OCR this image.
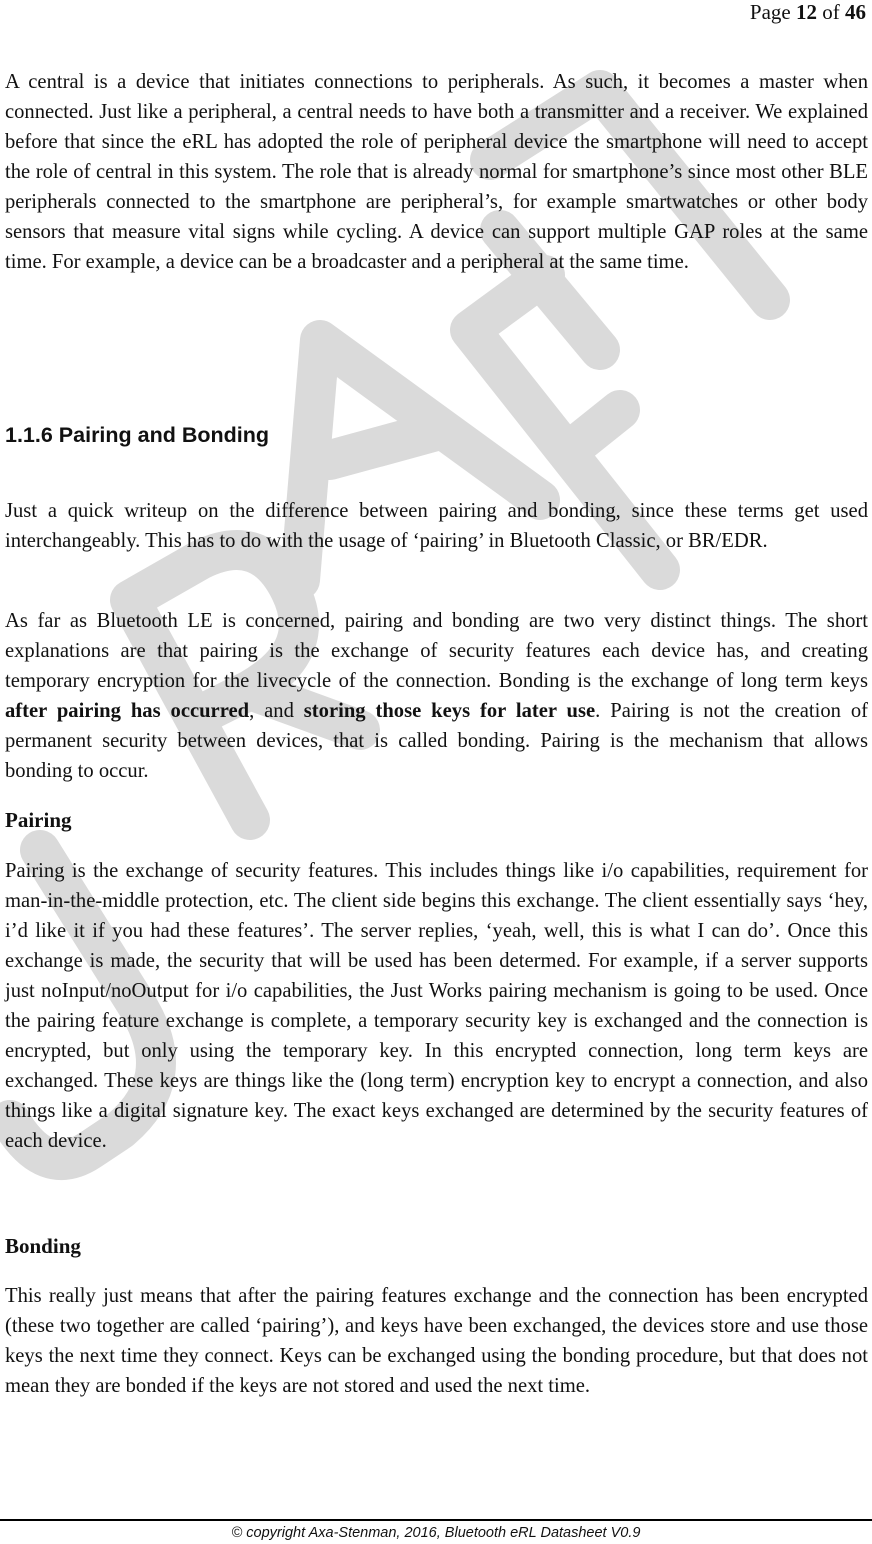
Page 12 of 46

A central is a device that initiates connections to peripherals. As such, it becomes a master when connected. Just like a peripheral, a central needs to have both a transmitter and a receiver. We explained before that since the eRL has adopted the role of peripheral device the smartphone will need to accept the role of central in this system. The role that is already normal for smartphone’s since most other BLE peripherals connected to the smartphone are peripheral’s, for example smartwatches or other body sensors that measure vital signs while cycling. A device can support multiple GAP roles at the same time. For example, a device can be a broadcaster and a peripheral at the same time.

1.1.6 Pairing and Bonding

Just a quick writeup on the difference between pairing and bonding, since these terms get used interchangeably. This has to do with the usage of ‘pairing’ in Bluetooth Classic, or BR/EDR.

As far as Bluetooth LE is concerned, pairing and bonding are two very distinct things. The short explanations are that pairing is the exchange of security features each device has, and creating temporary encryption for the livecycle of the connection. Bonding is the exchange of long term keys after pairing has occurred, and storing those keys for later use. Pairing is not the creation of permanent security between devices, that is called bonding. Pairing is the mechanism that allows bonding to occur.

Pairing

Pairing is the exchange of security features. This includes things like i/o capabilities, requirement for man-in-the-middle protection, etc. The client side begins this exchange. The client essentially says ‘hey, i’d like it if you had these features’. The server replies, ‘yeah, well, this is what I can do’. Once this exchange is made, the security that will be used has been determed. For example, if a server supports just noInput/noOutput for i/o capabilities, the Just Works pairing mechanism is going to be used. Once the pairing feature exchange is complete, a temporary security key is exchanged and the connection is encrypted, but only using the temporary key. In this encrypted connection, long term keys are exchanged. These keys are things like the (long term) encryption key to encrypt a connection, and also things like a digital signature key. The exact keys exchanged are determined by the security features of each device.

Bonding

This really just means that after the pairing features exchange and the connection has been encrypted (these two together are called ‘pairing’), and keys have been exchanged, the devices store and use those keys the next time they connect. Keys can be exchanged using the bonding procedure, but that does not mean they are bonded if the keys are not stored and used the next time.

© copyright Axa-Stenman, 2016, Bluetooth eRL Datasheet V0.9
